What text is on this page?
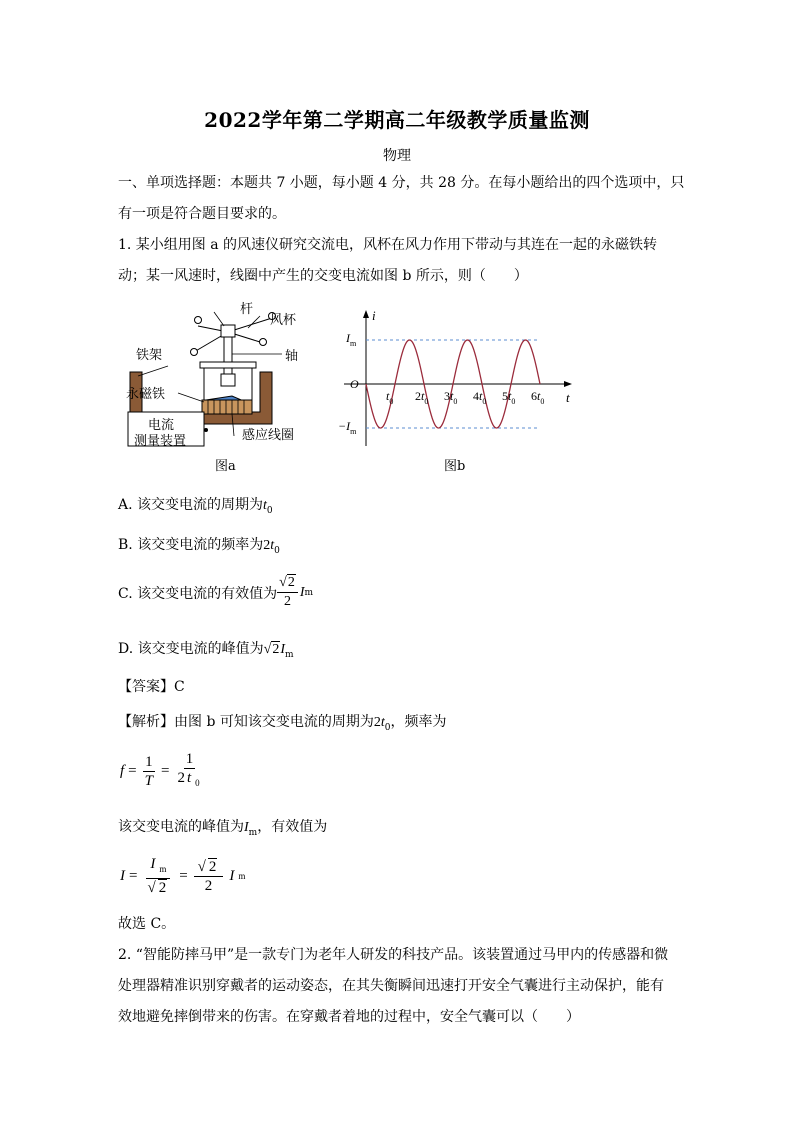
2022学年第二学期高二年级教学质量监测
物理
一、单项选择题：本题共 7 小题，每小题 4 分，共 28 分。在每小题给出的四个选项中，只
有一项是符合题目要求的。
1. 某小组用图 a 的风速仪研究交流电，风杯在风力作用下带动与其连在一起的永磁铁转
动；某一风速时，线圈中产生的交变电流如图 b 所示，则（　　）
杆
风杯
铁架	轴
永磁铁
电流
测量装置	感应线圈
图a
$t_0$ $2t_0$ $3t_0$ $4t_0$ $5t_0$ $6t_0$
i
t
O
$I_m$
$-I_m$
图b
A. 该交变电流的周期为$t_0$
B. 该交变电流的频率为$2t_0$
C. 该交变电流的有效值为 $\frac{√2}{2}$ I m
D. 该交变电流的峰值为$√2I_m$
【答案】C
【解析】由图 b 可知该交变电流的周期为$2t_0$，频率为
$f = \frac{1}{T} = \frac{1}{2 t _0}$
该交变电流的峰值为$I_m$，有效值为
$I = \frac{I _m}{√ 2} = \frac{√ 2}{2}$ I m
故选 C。
2. “智能防摔马甲”是一款专门为老年人研发的科技产品。该装置通过马甲内的传感器和微
处理器精准识别穿戴者的运动姿态，在其失衡瞬间迅速打开安全气囊进行主动保护，能有
效地避免摔倒带来的伤害。在穿戴者着地的过程中，安全气囊可以（　　）
